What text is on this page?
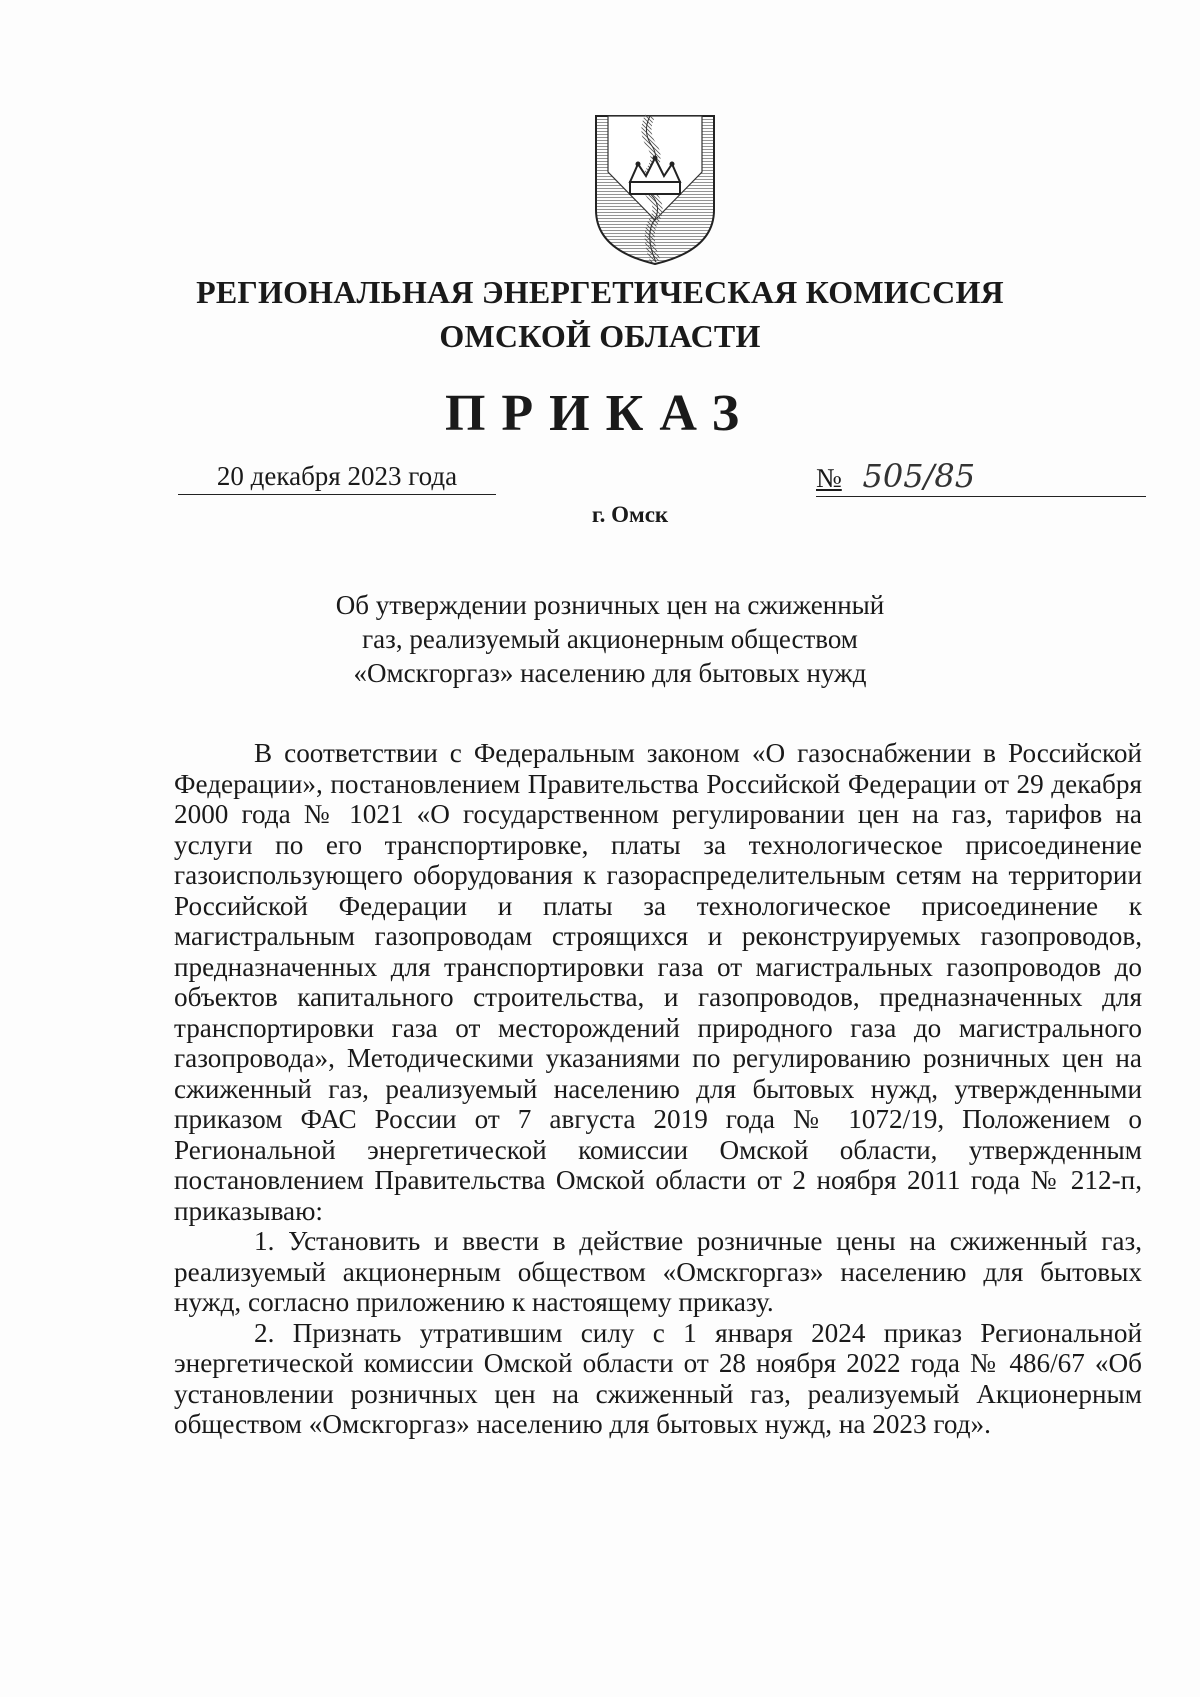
РЕГИОНАЛЬНАЯ ЭНЕРГЕТИЧЕСКАЯ КОМИССИЯ
ОМСКОЙ ОБЛАСТИ
ПРИКАЗ
20 декабря 2023 года	№ 505/85
г. Омск
Об утверждении розничных цен на сжиженный
газ, реализуемый акционерным обществом
«Омскгоргаз» населению для бытовых нужд

В соответствии с Федеральным законом «О газоснабжении в Российской Федерации», постановлением Правительства Российской Федерации от 29 декабря 2000 года № 1021 «О государственном регулировании цен на газ, тарифов на услуги по его транспортировке, платы за технологическое присоединение газоиспользующего оборудования к газораспределительным сетям на территории Российской Федерации и платы за технологическое присоединение к магистральным газопроводам строящихся и реконструируемых газопроводов, предназначенных для транспортировки газа от магистральных газопроводов до объектов капитального строительства, и газопроводов, предназначенных для транспортировки газа от месторождений природного газа до магистрального газопровода», Методическими указаниями по регулированию розничных цен на сжиженный газ, реализуемый населению для бытовых нужд, утвержденными приказом ФАС России от 7 августа 2019 года № 1072/19, Положением о Региональной энергетической комиссии Омской области, утвержденным постановлением Правительства Омской области от 2 ноября 2011 года № 212-п, приказываю:

1. Установить и ввести в действие розничные цены на сжиженный газ, реализуемый акционерным обществом «Омскгоргаз» населению для бытовых нужд, согласно приложению к настоящему приказу.

2. Признать утратившим силу с 1 января 2024 приказ Региональной энергетической комиссии Омской области от 28 ноября 2022 года № 486/67 «Об установлении розничных цен на сжиженный газ, реализуемый Акционерным обществом «Омскгоргаз» населению для бытовых нужд, на 2023 год».
